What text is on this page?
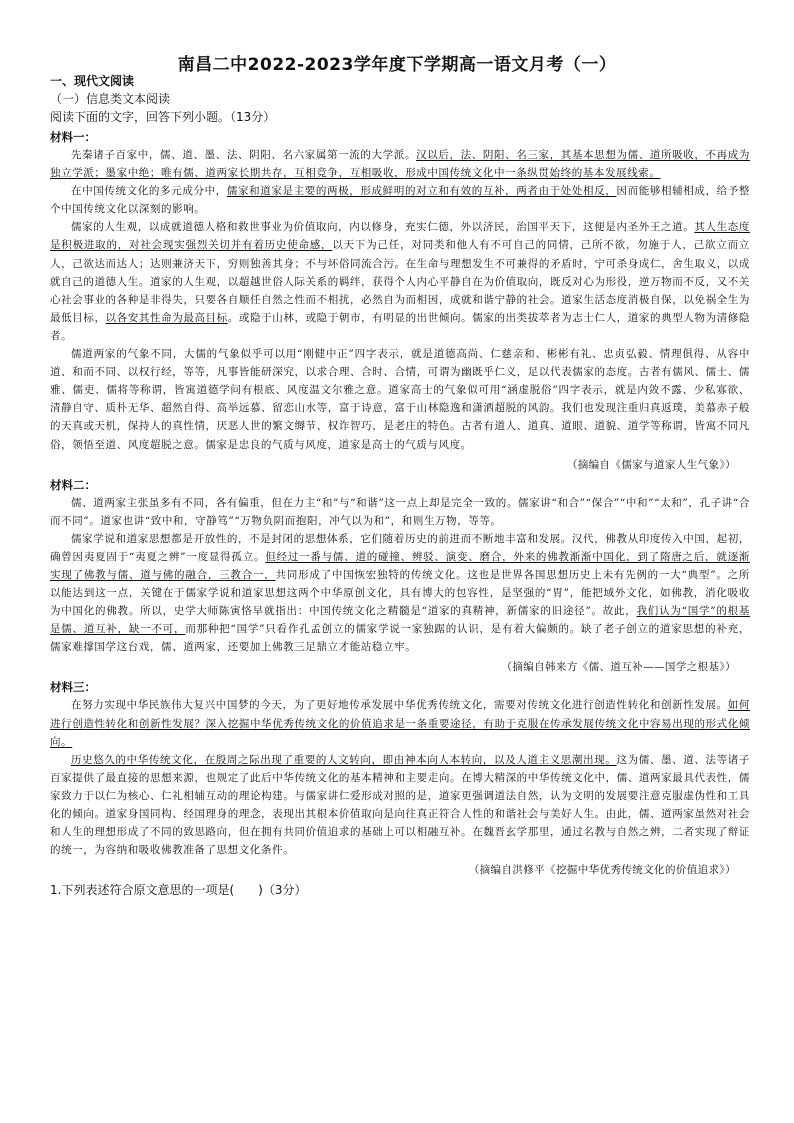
南昌二中2022-2023学年度下学期高一语文月考（一）
一、现代文阅读
（一）信息类文本阅读
阅读下面的文字，回答下列小题。（13分）
材料一：

先秦诸子百家中，儒、道、墨、法、阴阳、名六家属第一流的大学派。汉以后，法、阴阳、名三家，其基本思想为儒、道所吸收，不再成为独立学派；墨家中绝；唯有儒、道两家长期共存，互相竞争，互相吸收，形成中国传统文化中一条纵贯始终的基本发展线索。

在中国传统文化的多元成分中，儒家和道家是主要的两极，形成鲜明的对立和有效的互补，两者由于处处相反，因而能够相辅相成，给予整个中国传统文化以深刻的影响。

儒家的人生观，以成就道德人格和救世事业为价值取向，内以修身，充实仁德，外以济民，治国平天下，这便是内圣外王之道。其人生态度是积极进取的，对社会现实强烈关切并有着历史使命感，以天下为己任，对同类和他人有不可自己的同情，己所不欲，勿施于人，己欲立而立人，己欲达而达人；达则兼济天下，穷则独善其身；不与坏俗同流合污。在生命与理想发生不可兼得的矛盾时，宁可杀身成仁，舍生取义，以成就自己的道德人生。道家的人生观，以超越世俗人际关系的羁绊，获得个人内心平静自在为价值取向，既反对心为形役，逆万物而不反，又不关心社会事业的各种是非得失，只要各自顺任自然之性而不相扰，必然自为而相因，成就和谐宁静的社会。道家生活态度消极自保，以免祸全生为最低目标，以各安其性命为最高目标。或隐于山林，或隐于朝市，有明显的出世倾向。儒家的出类拔萃者为志士仁人，道家的典型人物为清修隐者。

儒道两家的气象不同，大儒的气象似乎可以用“刚健中正”四字表示，就是道德高尚、仁慈亲和、彬彬有礼、忠贞弘毅、情理俱得、从容中道、和而不同、以权行经，等等，凡事皆能研深究，以求合理、合时、合情，可谓为幽既乎仁义，足以代表儒家的态度。古者有儒风、儒士、儒雅、儒吏、儒将等称谓，皆寓道德学问有根底、风度温文尔雅之意。道家高士的气象似可用“涵虚脱俗”四字表示，就是内敛不露、少私寡欲、清静自守、质朴无华、超然自得、高举远慕、留恋山水等，富于诗意，富于山林隐逸和潇洒超脱的风韵。我们也发现注重归真返璞，美慕赤子般的天真或天机，保持人的真性情，厌恶人世的繁文缛节、权诈智巧，是老庄的特色。古者有道人、道真、道眼、道貌、道学等称谓，皆寓不同凡俗，领悟至道、风度超脱之意。儒家是忠良的气质与风度，道家是高士的气质与风度。

（摘编自《儒家与道家人生气象》）
材料二：

儒、道两家主张虽多有不同，各有偏重，但在力主“和”与“和谐”这一点上却是完全一致的。儒家讲“和合”“保合”“中和”“太和”，孔子讲“合而不同”。道家也讲“致中和，守静笃”“万物负阴而抱阳，冲气以为和”，和则生万物，等等。

儒家学说和道家思想都是开放性的，不是封闭的思想体系，它们随着历史的前进而不断地丰富和发展。汉代，佛教从印度传入中国，起初，确曾因夷夏固于“夷夏之辨”一度显得孤立。但经过一番与儒、道的碰撞、辨驳、演变、磨合，外来的佛教渐渐中国化，到了隋唐之后，就逐渐实现了佛教与儒、道与佛的融合，三教合一，共同形成了中国恢宏独特的传统文化。这也是世界各国思想历史上未有先例的一大“典型”。之所以能达到这一点，关键在于儒家学说和道家思想这两个中华原创文化，具有博大的包容性，是坚强的“胃”，能把域外文化，如佛教，消化吸收为中国化的佛教。所以，史学大师陈寅恪早就指出：中国传统文化之精髓是“道家的真精神，新儒家的旧途径”。故此，我们认为“国学”的根基是儒、道互补，缺一不可，而那种把“国学”只看作孔孟创立的儒家学说一家独踞的认识，是有着大偏颇的。缺了老子创立的道家思想的补充，儒家难撑国学这台戏，儒、道两家，还要加上佛教三足鼎立才能站稳立牢。

（摘编自韩来方《儒、道互补——国学之根基》）
材料三：

在努力实现中华民族伟大复兴中国梦的今天，为了更好地传承发展中华优秀传统文化，需要对传统文化进行创造性转化和创新性发展。如何进行创造性转化和创新性发展？深入挖掘中华优秀传统文化的价值追求是一条重要途径，有助于克服在传承发展传统文化中容易出现的形式化倾向。

历史悠久的中华传统文化，在殷周之际出现了重要的人文转向，即由神本向人本转向，以及人道主义思潮出现。这为儒、墨、道、法等诸子百家提供了最直接的思想来源，也规定了此后中华传统文化的基本精神和主要走向。在博大精深的中华传统文化中，儒、道两家最具代表性，儒家致力于以仁为核心、仁礼相辅互动的理论构建。与儒家讲仁爱形成对照的是，道家更强调道法自然，认为文明的发展要注意克服虚伪性和工具化的倾向。道家身国同构、经国理身的理念，表现出其根本价值取向是向往真正符合人性的和谐社会与美好人生。由此，儒、道两家虽然对社会和人生的理想形成了不同的致思路向，但在拥有共同价值追求的基础上可以相融互补。在魏晋玄学那里，通过名教与自然之辨，二者实现了辩证的统一，为容纳和吸收佛教准备了思想文化条件。

（摘编自洪修平《挖掘中华优秀传统文化的价值追求》）
1.下列表述符合原文意思的一项是(　　)（3分）
